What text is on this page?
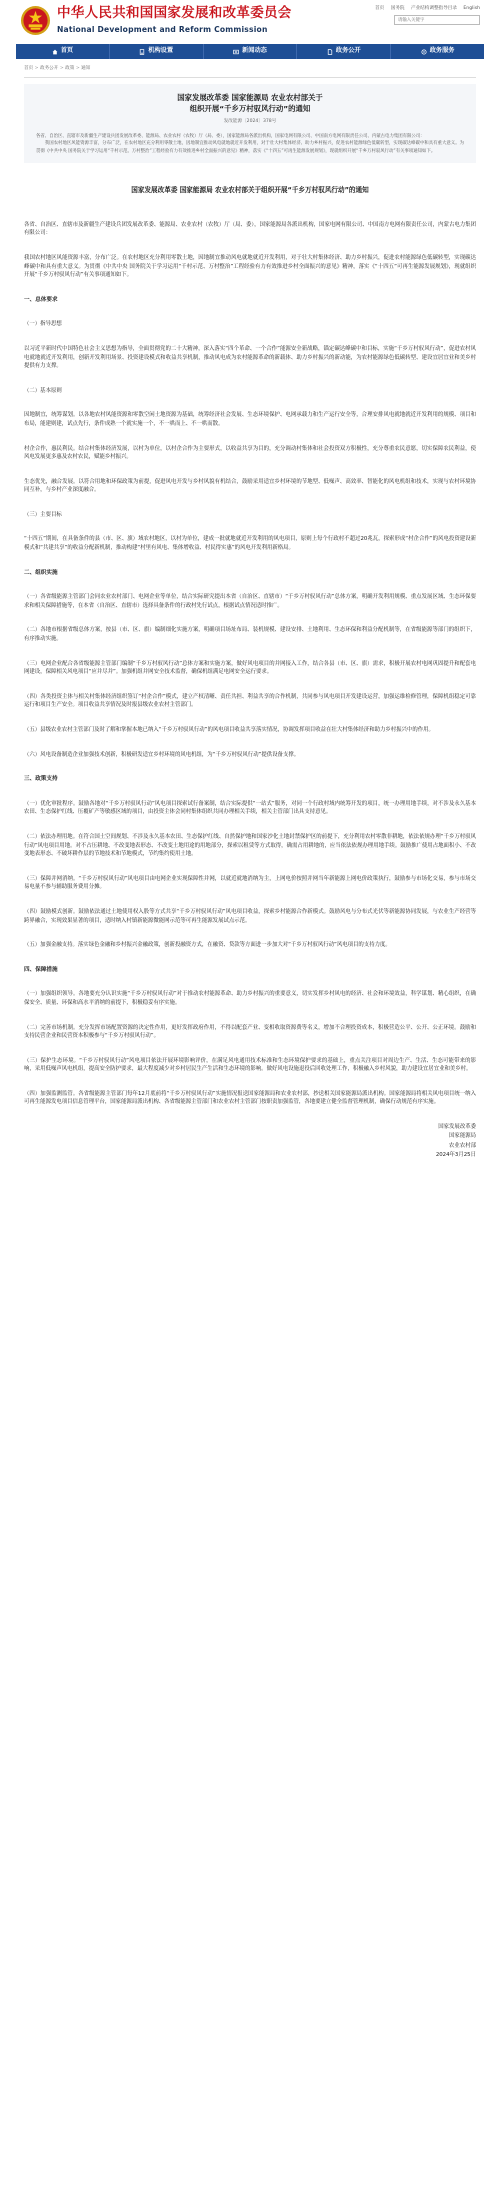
中华人民共和国国家发展和改革委员会
National Development and Reform Commission
首页 国务院 产业结构调整指导目录 English
请输入关键字
首页	机构设置	新闻动态	政务公开	政务服务
首页 > 政务公开 > 政策 > 通知
国家发展改革委 国家能源局 农业农村部关于
组织开展“千乡万村驭风行动”的通知
发改能源〔2024〕378号

各省、自治区、直辖市及新疆生产建设兵团发展改革委、能源局、农业农村（农牧）厅（局、委），国家能源局各派出机构，国家电网有限公司、中国南方电网有限责任公司、内蒙古电力集团有限公司：

我国农村地区风能资源丰富，分布广泛，在农村地区充分利用零散土地，因地制宜推动风电就地就近开发利用，对于壮大村集体经济、助力乡村振兴，促进农村能源绿色低碳转型，实现碳达峰碳中和具有重大意义。为贯彻《中共中央 国务院关于学习运用“千村示范、万村整治”工程经验有力有效推进乡村全面振兴的意见》精神，落实《“十四五”可再生能源发展规划》，现就组织开展“千乡万村驭风行动”有关事项通知如下。

国家发展改革委 国家能源局 农业农村部关于组织开展“千乡万村驭风行动”的通知

各省、自治区、直辖市及新疆生产建设兵团发展改革委、能源局、农业农村（农牧）厅（局、委），国家能源局各派出机构，国家电网有限公司、中国南方电网有限责任公司，内蒙古电力集团有限公司：

我国农村地区风能资源丰富，分布广泛。在农村地区充分利用零散土地，因地制宜推动风电就地就近开发利用，对于壮大村集体经济、助力乡村振兴，促进农村能源绿色低碳转型，实现碳达峰碳中和具有重大意义。为贯彻《中共中央 国务院关于学习运用“千村示范、万村整治”工程经验有力有效推进乡村全面振兴的意见》精神，落实《“十四五”可再生能源发展规划》，现就组织开展“千乡万村驭风行动”有关事项通知如下。

一、总体要求

（一）指导思想

以习近平新时代中国特色社会主义思想为指导，全面贯彻党的二十大精神，深入落实“四个革命、一个合作”能源安全新战略，锚定碳达峰碳中和目标，实施“千乡万村驭风行动”，促进农村风电就地就近开发利用，创新开发利用场景、投资建设模式和收益共享机制，推动风电成为农村能源革命的新载体、助力乡村振兴的新动能，为农村能源绿色低碳转型、建设宜居宜业和美乡村提供有力支撑。

（二）基本原则

因地制宜，统筹谋划。以各地农村风能资源和零散空闲土地资源为基础，统筹经济社会发展、生态环境保护、电网承载力和生产运行安全等，合理安排风电就地就近开发利用的规模、项目和布局，能建则建，试点先行，条件成熟一个就实施一个，不一哄而上、不一哄而散。

村企合作，惠民利民。结合村集体经济发展，以村为单位，以村企合作为主要形式，以收益共享为目的，充分调动村集体和社会投资双方积极性，充分尊重农民意愿，切实保障农民利益，使风电发展更多惠及农村农民，赋能乡村振兴。

生态优先，融合发展。以符合用地和环保政策为前提，促进风电开发与乡村风貌有机结合，鼓励采用适宜乡村环境的节地型、低噪声、高效率、智能化的风电机组和技术，实现与农村环境协同互补，与乡村产业深度融合。

（三）主要目标

“十四五”期间，在具备条件的县（市、区、旗）域农村地区，以村为单位，建成一批就地就近开发利用的风电项目，原则上每个行政村不超过20兆瓦，探索形成“村企合作”的风电投资建设新模式和“共建共享”的收益分配新机制，推动构建“村里有风电、集体增收益、村民得实惠”的风电开发利用新格局。

二、组织实施

（一）各省级能源主管部门会同农业农村部门、电网企业等单位，结合实际研究提出本省（自治区、直辖市）“千乡万村驭风行动”总体方案，明确开发利用规模、重点发展区域、生态环保要求和相关保障措施等，在本省（自治区、直辖市）选择具备条件的行政村先行试点，根据试点情况适时推广。

（二）各地市根据省级总体方案，按县（市、区、旗）编制细化实施方案，明确项目场址布局、装机规模、建设安排、土地利用、生态环保和利益分配机制等，在省级能源等部门的组织下，有序推动实施。

（三）电网企业配合各省级能源主管部门编制“千乡万村驭风行动”总体方案和实施方案，做好风电项目的并网接入工作，结合各县（市、区、旗）需求，积极开展农村电网巩固提升和配套电网建设，保障相关风电项目“应并尽并”。加强机组并网安全技术监督，确保机组满足电网安全运行要求。

（四）各类投资主体与相关村集体经济组织签订“村企合作”模式，建立产权清晰、责任共担、利益共享的合作机制，共同参与风电项目开发建设运营，加强运维检修管理，保障机组稳定可靠运行和项目生产安全。项目收益共享情况及时报县级农业农村主管部门。

（五）县级农业农村主管部门及时了解和掌握本地已纳入“千乡万村驭风行动”的风电项目收益共享落实情况，协调发挥项目收益在壮大村集体经济和助力乡村振兴中的作用。

（六）风电设备制造企业加强技术创新，积极研发适宜乡村环境的风电机组，为“千乡万村驭风行动”提供设备支撑。

三、政策支持

（一）优化审批程序。鼓励各地对“千乡万村驭风行动”风电项目探索试行备案制，结合实际提供“一站式”服务，对同一个行政村域内统筹开发的项目，统一办理用地手续，对不涉及永久基本农田、生态保护红线、压覆矿产等敏感区域的项目，由投资主体会同村集体组织共同办理相关手续，相关主管部门出具支持意见。

（二）依法办理用地。在符合国土空间规划、不涉及永久基本农田、生态保护红线、自然保护地和国家沙化土地封禁保护区的前提下，充分利用农村零散非耕地，依法依规办理“千乡万村驭风行动”风电项目用地。对不占压耕地、不改变地表形态、不改变土地用途的用地部分，探索以租赁等方式取得，确需占用耕地的，应当依法依规办理用地手续。鼓励推广使用占地面积小、不改变地表形态、不破坏耕作层的节地技术和节地模式，节约集约使用土地。

（三）保障并网消纳。“千乡万村驭风行动”风电项目由电网企业实现保障性并网，以就近就地消纳为主，上网电价按照并网当年新能源上网电价政策执行，鼓励参与市场化交易，参与市场交易电量不参与辅助服务费用分摊。

（四）鼓励模式创新。鼓励依法通过土地使用权入股等方式共享“千乡万村驭风行动”风电项目收益，探索乡村能源合作新模式。鼓励风电与分布式光伏等新能源协同发展，与农业生产经营等跨界融合，实现效果显著的项目，适时纳入村镇新能源微能网示范等可再生能源发展试点示范。

（五）加强金融支持。落实绿色金融和乡村振兴金融政策，创新投融资方式，在融资、贷款等方面进一步加大对“千乡万村驭风行动”风电项目的支持力度。

四、保障措施

（一）加强组织领导。各地要充分认识实施“千乡万村驭风行动”对于推动农村能源革命、助力乡村振兴的重要意义，切实发挥乡村风电的经济、社会和环境效益，科学谋划、精心组织，在确保安全、质量、环保和高水平消纳的前提下，积极稳妥有序实施。

（二）完善市场机制。充分发挥市场配置资源的决定性作用，更好发挥政府作用，不得以配套产业、变相收取资源费等名义，增加不合理投资成本，积极营造公平、公开、公正环境。鼓励和支持民营企业和民营资本积极参与“千乡万村驭风行动”。

（三）保护生态环境。“千乡万村驭风行动”风电项目依法开展环境影响评价，在满足风电通用技术标准和生态环境保护要求的基础上，重点关注项目对周边生产、生活、生态可能带来的影响，采用低噪声风电机组，提高安全防护要求，最大程度减少对乡村居民生产生活和生态环境的影响。做好风电设施退役后回收处理工作，积极融入乡村风貌，助力建设宜居宜业和美乡村。

（四）加强监测监管。各省级能源主管部门每年12月底前将“千乡万村驭风行动”实施情况报送国家能源局和农业农村部，抄送相关国家能源局派出机构。国家能源局将相关风电项目统一纳入可再生能源发电项目信息管理平台，国家能源局派出机构、各省级能源主管部门和农业农村主管部门按职责加强监管，各地要建立健全监督管理机制，确保行动规范有序实施。

国家发展改革委
国家能源局
农业农村部
2024年3月25日
